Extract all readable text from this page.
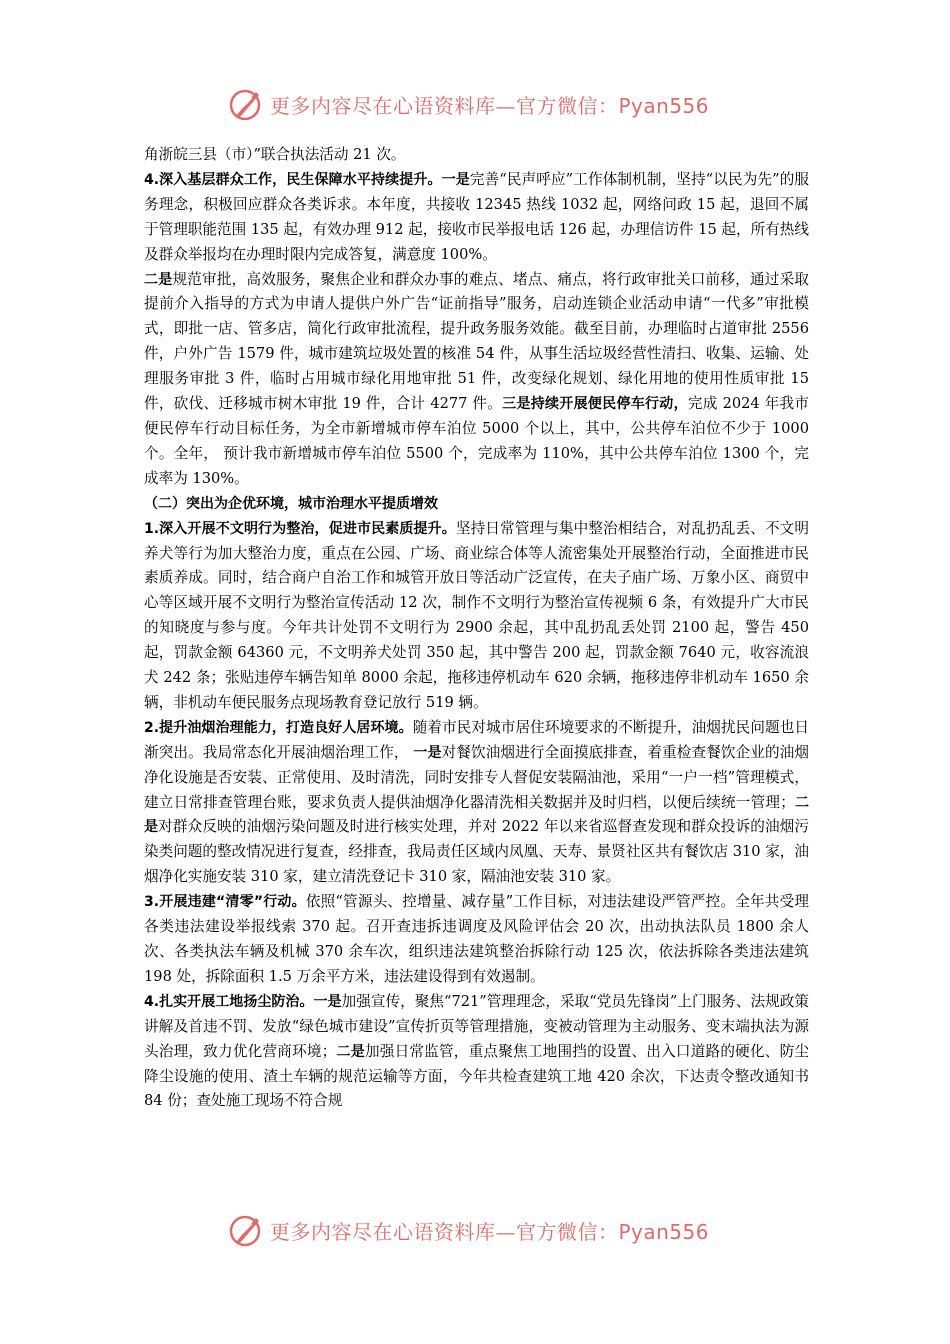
更多内容尽在心语资料库—官方微信：Pyan556

角浙皖三县（市）”联合执法活动 21 次。

4.深入基层群众工作，民生保障水平持续提升。一是完善“民声呼应”工作体制机制，坚持“以民为先”的服务理念，积极回应群众各类诉求。本年度，共接收 12345 热线 1032 起，网络问政 15 起，退回不属于管理职能范围 135 起，有效办理 912 起，接收市民举报电话 126 起，办理信访件 15 起，所有热线及群众举报均在办理时限内完成答复，满意度 100%。

二是规范审批，高效服务，聚焦企业和群众办事的难点、堵点、痛点，将行政审批关口前移，通过采取提前介入指导的方式为申请人提供户外广告“证前指导”服务，启动连锁企业活动申请“一代多”审批模式，即批一店、管多店，简化行政审批流程，提升政务服务效能。截至目前，办理临时占道审批 2556 件，户外广告 1579 件，城市建筑垃圾处置的核准 54 件，从事生活垃圾经营性清扫、收集、运输、处理服务审批 3 件，临时占用城市绿化用地审批 51 件，改变绿化规划、绿化用地的使用性质审批 15 件，砍伐、迁移城市树木审批 19 件，合计 4277 件。三是持续开展便民停车行动，完成 2024 年我市便民停车行动目标任务，为全市新增城市停车泊位 5000 个以上，其中，公共停车泊位不少于 1000 个。全年， 预计我市新增城市停车泊位 5500 个，完成率为 110%，其中公共停车泊位 1300 个，完成率为 130%。

（二）突出为企优环境，城市治理水平提质增效

1.深入开展不文明行为整治，促进市民素质提升。坚持日常管理与集中整治相结合，对乱扔乱丢、不文明养犬等行为加大整治力度，重点在公园、广场、商业综合体等人流密集处开展整治行动，全面推进市民素质养成。同时，结合商户自治工作和城管开放日等活动广泛宣传，在夫子庙广场、万象小区、商贸中心等区域开展不文明行为整治宣传活动 12 次，制作不文明行为整治宣传视频 6 条，有效提升广大市民的知晓度与参与度。今年共计处罚不文明行为 2900 余起，其中乱扔乱丢处罚 2100 起，警告 450 起，罚款金额 64360 元，不文明养犬处罚 350 起，其中警告 200 起，罚款金额 7640 元，收容流浪犬 242 条；张贴违停车辆告知单 8000 余起，拖移违停机动车 620 余辆，拖移违停非机动车 1650 余辆，非机动车便民服务点现场教育登记放行 519 辆。

2.提升油烟治理能力，打造良好人居环境。随着市民对城市居住环境要求的不断提升，油烟扰民问题也日渐突出。我局常态化开展油烟治理工作， 一是对餐饮油烟进行全面摸底排查，着重检查餐饮企业的油烟净化设施是否安装、正常使用、及时清洗，同时安排专人督促安装隔油池，采用“一户一档”管理模式，建立日常排查管理台账，要求负责人提供油烟净化器清洗相关数据并及时归档，以便后续统一管理；二是对群众反映的油烟污染问题及时进行核实处理，并对 2022 年以来省巡督查发现和群众投诉的油烟污染类问题的整改情况进行复查，经排查，我局责任区域内凤凰、天寿、景贤社区共有餐饮店 310 家，油烟净化实施安装 310 家，建立清洗登记卡 310 家，隔油池安装 310 家。

3.开展违建“清零”行动。依照“管源头、控增量、减存量”工作目标，对违法建设严管严控。全年共受理各类违法建设举报线索 370 起。召开查违拆违调度及风险评估会 20 次，出动执法队员 1800 余人次、各类执法车辆及机械 370 余车次，组织违法建筑整治拆除行动 125 次，依法拆除各类违法建筑 198 处，拆除面积 1.5 万余平方米，违法建设得到有效遏制。

4.扎实开展工地扬尘防治。一是加强宣传，聚焦“721”管理理念，采取“党员先锋岗”上门服务、法规政策讲解及首违不罚、发放“绿色城市建设”宣传折页等管理措施，变被动管理为主动服务、变末端执法为源头治理，致力优化营商环境；二是加强日常监管，重点聚焦工地围挡的设置、出入口道路的硬化、防尘降尘设施的使用、渣土车辆的规范运输等方面，今年共检查建筑工地 420 余次，下达责令整改通知书 84 份；查处施工现场不符合规

更多内容尽在心语资料库—官方微信：Pyan556
